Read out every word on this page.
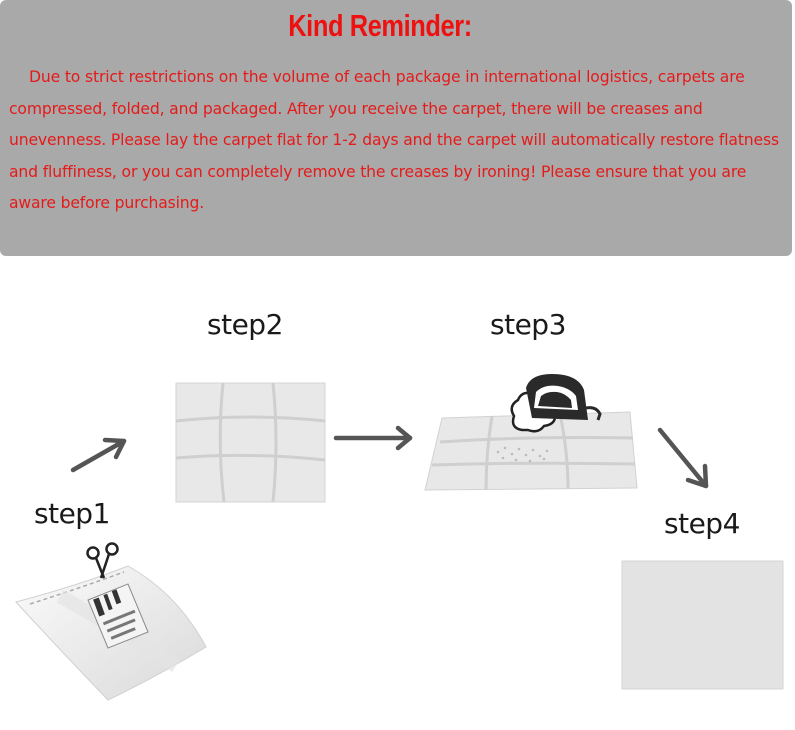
Kind Reminder:
Due to strict restrictions on the volume of each package in international logistics, carpets are
compressed, folded, and packaged. After you receive the carpet, there will be creases and
unevenness. Please lay the carpet flat for 1-2 days and the carpet will automatically restore flatness
and fluffiness, or you can completely remove the creases by ironing! Please ensure that you are
aware before purchasing.
step2	step3
step1	step4
